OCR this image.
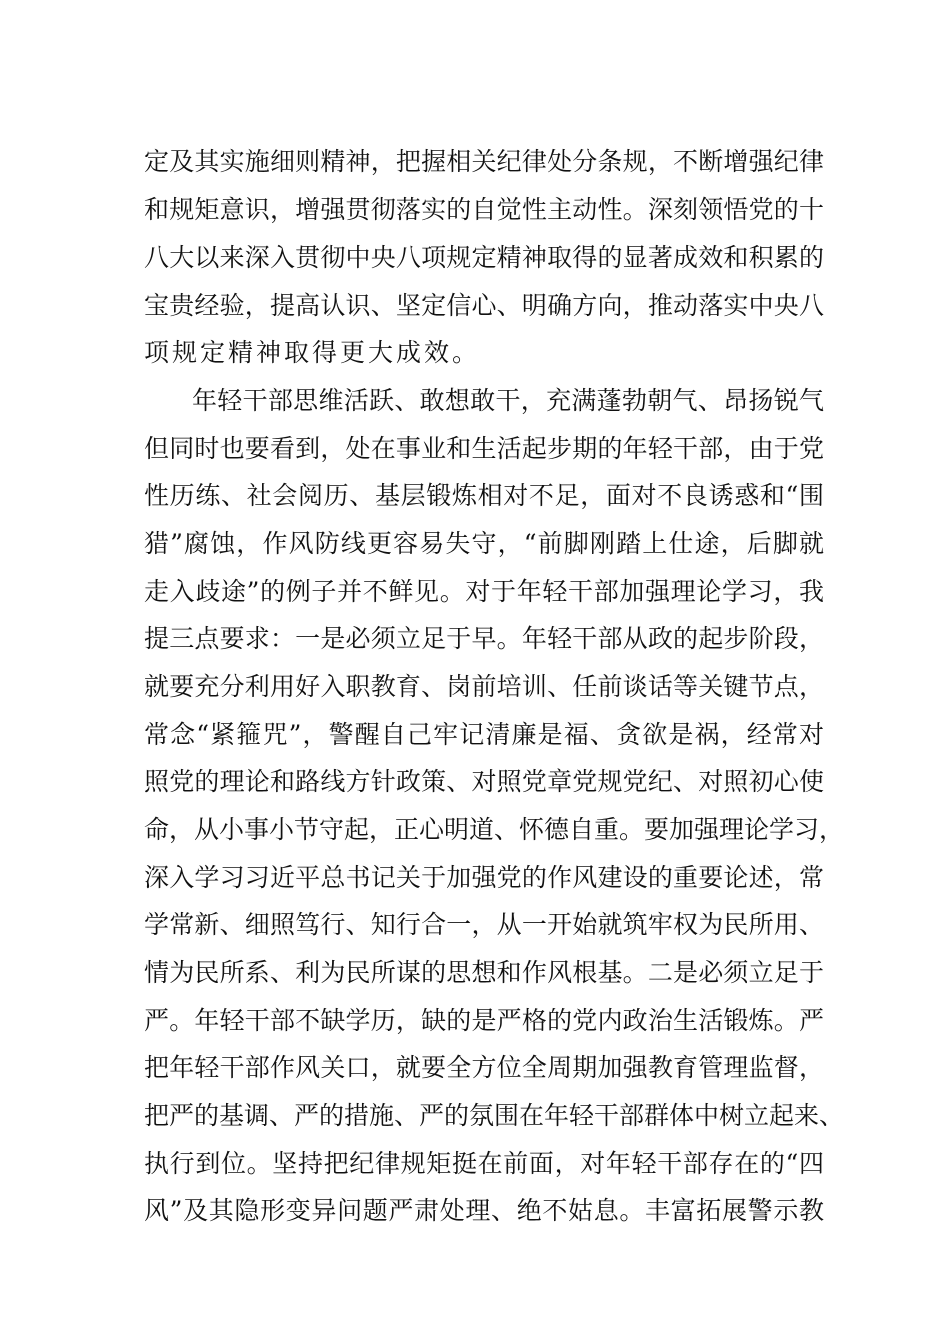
定及其实施细则精神，把握相关纪律处分条规，不断增强纪律
和规矩意识，增强贯彻落实的自觉性主动性。深刻领悟党的十
八大以来深入贯彻中央八项规定精神取得的显著成效和积累的
宝贵经验，提高认识、坚定信心、明确方向，推动落实中央八
项规定精神取得更大成效。
年轻干部思维活跃、敢想敢干，充满蓬勃朝气、昂扬锐气
但同时也要看到，处在事业和生活起步期的年轻干部，由于党
性历练、社会阅历、基层锻炼相对不足，面对不良诱惑和“围
猎”腐蚀，作风防线更容易失守，“前脚刚踏上仕途，后脚就
走入歧途”的例子并不鲜见。对于年轻干部加强理论学习，我
提三点要求：一是必须立足于早。年轻干部从政的起步阶段，
就要充分利用好入职教育、岗前培训、任前谈话等关键节点，
常念“紧箍咒”，警醒自己牢记清廉是福、贪欲是祸，经常对
照党的理论和路线方针政策、对照党章党规党纪、对照初心使
命，从小事小节守起，正心明道、怀德自重。要加强理论学习，
深入学习习近平总书记关于加强党的作风建设的重要论述，常
学常新、细照笃行、知行合一，从一开始就筑牢权为民所用、
情为民所系、利为民所谋的思想和作风根基。二是必须立足于
严。年轻干部不缺学历，缺的是严格的党内政治生活锻炼。严
把年轻干部作风关口，就要全方位全周期加强教育管理监督，
把严的基调、严的措施、严的氛围在年轻干部群体中树立起来、
执行到位。坚持把纪律规矩挺在前面，对年轻干部存在的“四
风”及其隐形变异问题严肃处理、绝不姑息。丰富拓展警示教
